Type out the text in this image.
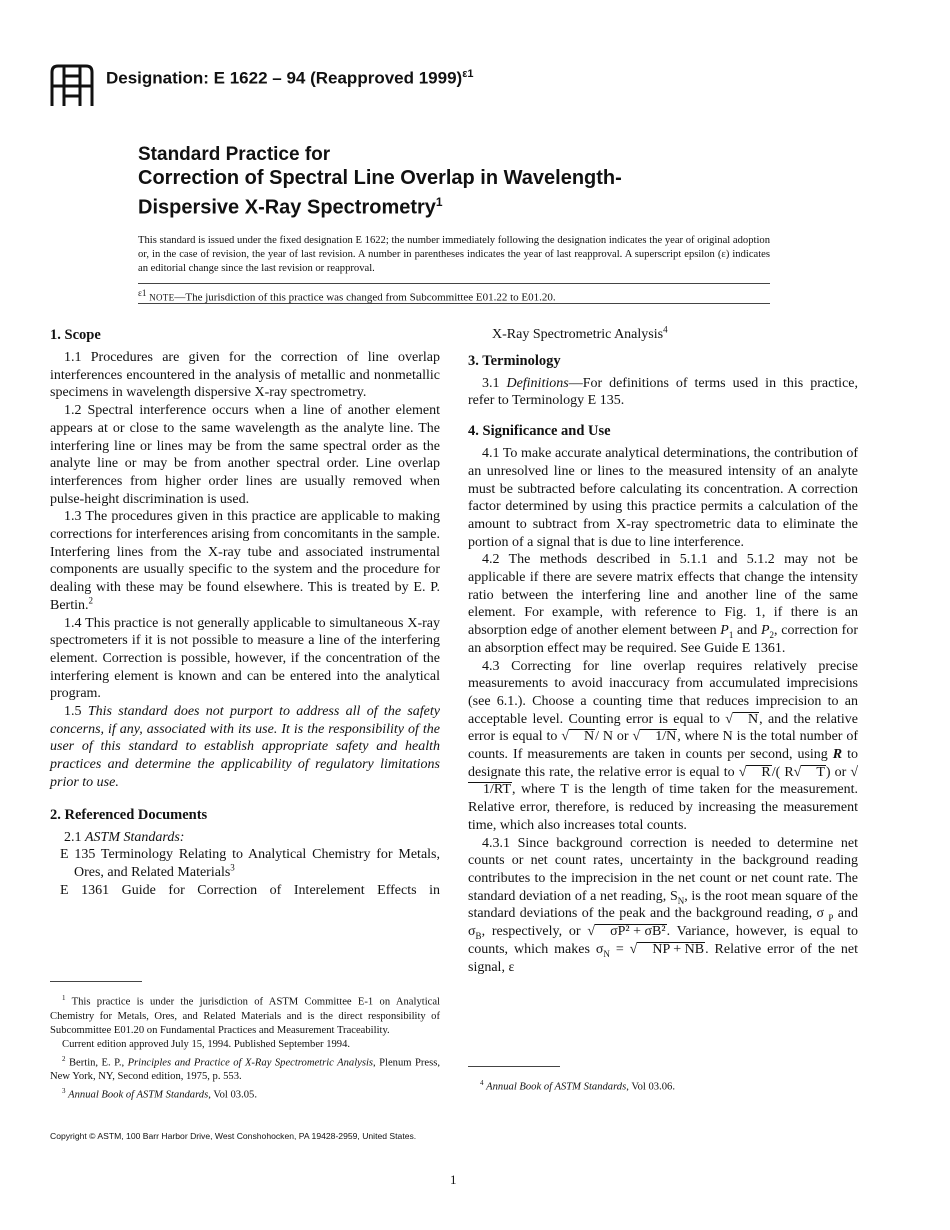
Designation: E 1622 – 94 (Reapproved 1999)$^{\varepsilon 1}$
Standard Practice for
Correction of Spectral Line Overlap in Wavelength-
Dispersive X-Ray Spectrometry$^1$
This standard is issued under the fixed designation E 1622; the number immediately following the designation indicates the year of original adoption or, in the case of revision, the year of last revision. A number in parentheses indicates the year of last reapproval. A superscript epsilon (ε) indicates an editorial change since the last revision or reapproval.
$^{\varepsilon 1}$ NOTE—The jurisdiction of this practice was changed from Subcommittee E01.22 to E01.20.
1. Scope

1.1 Procedures are given for the correction of line overlap interferences encountered in the analysis of metallic and nonmetallic specimens in wavelength dispersive X-ray spectrometry.

1.2 Spectral interference occurs when a line of another element appears at or close to the same wavelength as the analyte line. The interfering line or lines may be from the same spectral order as the analyte line or may be from another spectral order. Line overlap interferences from higher order lines are usually removed when pulse-height discrimination is used.

1.3 The procedures given in this practice are applicable to making corrections for interferences arising from concomitants in the sample. Interfering lines from the X-ray tube and associated instrumental components are usually specific to the system and the procedure for dealing with these may be found elsewhere. This is treated by E. P. Bertin.$^2$

1.4 This practice is not generally applicable to simultaneous X-ray spectrometers if it is not possible to measure a line of the interfering element. Correction is possible, however, if the concentration of the interfering element is known and can be entered into the analytical program.

1.5 This standard does not purport to address all of the safety concerns, if any, associated with its use. It is the responsibility of the user of this standard to establish appropriate safety and health practices and determine the applicability of regulatory limitations prior to use.

2. Referenced Documents

2.1 ASTM Standards:

E 135 Terminology Relating to Analytical Chemistry for Metals, Ores, and Related Materials$^3$

E 1361 Guide for Correction of Interelement Effects in

$^1$ This practice is under the jurisdiction of ASTM Committee E-1 on Analytical Chemistry for Metals, Ores, and Related Materials and is the direct responsibility of Subcommittee E01.20 on Fundamental Practices and Measurement Traceability.

Current edition approved July 15, 1994. Published September 1994.

$^2$ Bertin, E. P., Principles and Practice of X-Ray Spectrometric Analysis, Plenum Press, New York, NY, Second edition, 1975, p. 553.

$^3$ Annual Book of ASTM Standards, Vol 03.05.

X-Ray Spectrometric Analysis$^4$

3. Terminology

3.1 Definitions—For definitions of terms used in this practice, refer to Terminology E 135.

4. Significance and Use

4.1 To make accurate analytical determinations, the contribution of an unresolved line or lines to the measured intensity of an analyte must be subtracted before calculating its concentration. A correction factor determined by using this practice permits a calculation of the amount to subtract from X-ray spectrometric data to eliminate the portion of a signal that is due to line interference.

4.2 The methods described in 5.1.1 and 5.1.2 may not be applicable if there are severe matrix effects that change the intensity ratio between the interfering line and another line of the same element. For example, with reference to Fig. 1, if there is an absorption edge of another element between $P_1$ and $P_2$, correction for an absorption effect may be required. See Guide E 1361.

4.3 Correcting for line overlap requires relatively precise measurements to avoid inaccuracy from accumulated imprecisions (see 6.1.). Choose a counting time that reduces imprecision to an acceptable level. Counting error is equal to √ N, and the relative error is equal to √ N/ N or √ 1/N, where N is the total number of counts. If measurements are taken in counts per second, using R to designate this rate, the relative error is equal to √ R/( R√ T) or √1/RT, where T is the length of time taken for the measurement. Relative error, therefore, is reduced by increasing the measurement time, which also increases total counts.

4.3.1 Since background correction is needed to determine net counts or net count rates, uncertainty in the background reading contributes to the imprecision in the net count or net count rate. The standard deviation of a net reading, $S_N$, is the root mean square of the standard deviations of the peak and the background reading, σ $_P$ and $\sigma_B$, respectively, or √ σP² + σB². Variance, however, is equal to counts, which makes $\sigma_N$ = √ NP + NB. Relative error of the net signal, ε

$^4$ Annual Book of ASTM Standards, Vol 03.06.

Copyright © ASTM, 100 Barr Harbor Drive, West Conshohocken, PA 19428-2959, United States.
1
